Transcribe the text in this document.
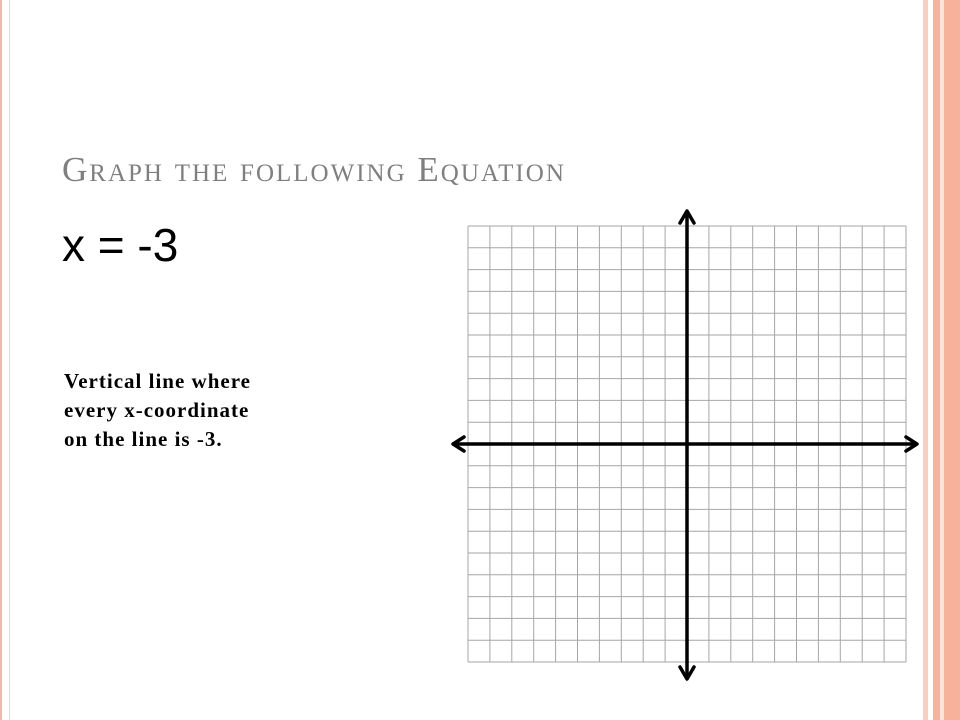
Graph the following Equation
x = -3

Vertical line where
every x-coordinate
on the line is -3.
